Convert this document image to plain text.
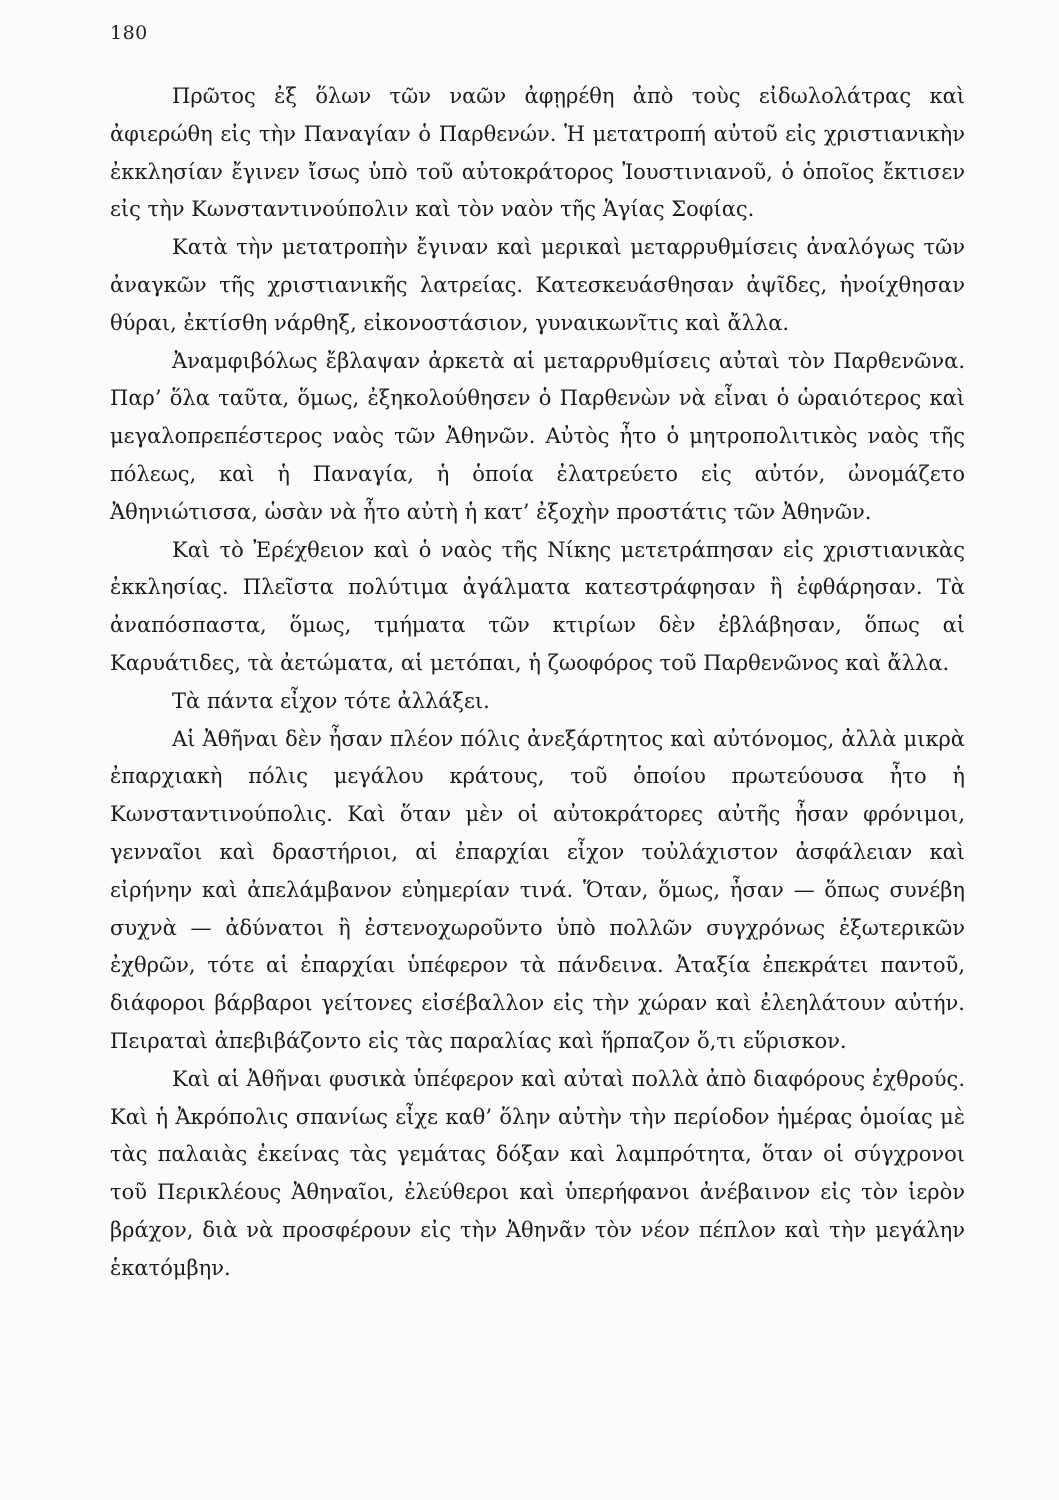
180

Πρῶτος ἐξ ὅλων τῶν ναῶν ἀφῃρέθη ἀπὸ τοὺς εἰδωλολάτρας καὶ ἀφιερώθη εἰς τὴν Παναγίαν ὁ Παρθενών. Ἡ μετατροπή αὐτοῦ εἰς χριστιανικὴν ἐκκλησίαν ἔγινεν ἴσως ὑπὸ τοῦ αὐτοκράτορος Ἰουστινιανοῦ, ὁ ὁποῖος ἔκτισεν εἰς τὴν Κωνσταντινούπολιν καὶ τὸν ναὸν τῆς Ἁγίας Σοφίας.

Κατὰ τὴν μετατροπὴν ἔγιναν καὶ μερικαὶ μεταρρυθμίσεις ἀναλόγως τῶν ἀναγκῶν τῆς χριστιανικῆς λατρείας. Κατεσκευάσθησαν ἀψῖδες, ἠνοίχθησαν θύραι, ἐκτίσθη νάρθηξ, εἰκονοστάσιον, γυναικωνῖτις καὶ ἄλλα.

Ἀναμφιβόλως ἔβλαψαν ἀρκετὰ αἱ μεταρρυθμίσεις αὐταὶ τὸν Παρθενῶνα. Παρ’ ὅλα ταῦτα, ὅμως, ἐξηκολούθησεν ὁ Παρθενὼν νὰ εἶναι ὁ ὡραιότερος καὶ μεγαλοπρεπέστερος ναὸς τῶν Ἀθηνῶν. Αὐτὸς ἦτο ὁ μητροπολιτικὸς ναὸς τῆς πόλεως, καὶ ἡ Παναγία, ἡ ὁποία ἐλατρεύετο εἰς αὐτόν, ὠνομάζετο Ἀθηνιώτισσα, ὡσὰν νὰ ἦτο αὐτὴ ἡ κατ’ ἐξοχὴν προστάτις τῶν Ἀθηνῶν.

Καὶ τὸ Ἐρέχθειον καὶ ὁ ναὸς τῆς Νίκης μετετράπησαν εἰς χριστιανικὰς ἐκκλησίας. Πλεῖστα πολύτιμα ἀγάλματα κατεστράφησαν ἢ ἐφθάρησαν. Τὰ ἀναπόσπαστα, ὅμως, τμήματα τῶν κτιρίων δὲν ἐβλάβησαν, ὅπως αἱ Καρυάτιδες, τὰ ἀετώματα, αἱ μετόπαι, ἡ ζωοφόρος τοῦ Παρθενῶνος καὶ ἄλλα.

Τὰ πάντα εἶχον τότε ἀλλάξει.

Αἱ Ἀθῆναι δὲν ἦσαν πλέον πόλις ἀνεξάρτητος καὶ αὐτόνομος, ἀλλὰ μικρὰ ἐπαρχιακὴ πόλις μεγάλου κράτους, τοῦ ὁποίου πρωτεύουσα ἦτο ἡ Κωνσταντινούπολις. Καὶ ὅταν μὲν οἱ αὐτοκράτορες αὐτῆς ἦσαν φρόνιμοι, γενναῖοι καὶ δραστήριοι, αἱ ἐπαρχίαι εἶχον τοὐλάχιστον ἀσφάλειαν καὶ εἰρήνην καὶ ἀπελάμβανον εὐημερίαν τινά. Ὅταν, ὅμως, ἦσαν — ὅπως συνέβη συχνὰ — ἀδύνατοι ἢ ἐστενοχωροῦντο ὑπὸ πολλῶν συγχρόνως ἐξωτερικῶν ἐχθρῶν, τότε αἱ ἐπαρχίαι ὑπέφερον τὰ πάνδεινα. Ἀταξία ἐπεκράτει παντοῦ, διάφοροι βάρβαροι γείτονες εἰσέβαλλον εἰς τὴν χώραν καὶ ἐλεηλάτουν αὐτήν. Πειραταὶ ἀπεβιβάζοντο εἰς τὰς παραλίας καὶ ἥρπαζον ὅ,τι εὕρισκον.

Καὶ αἱ Ἀθῆναι φυσικὰ ὑπέφερον καὶ αὐταὶ πολλὰ ἀπὸ διαφόρους ἐχθρούς. Καὶ ἡ Ἀκρόπολις σπανίως εἶχε καθ’ ὅλην αὐτὴν τὴν περίοδον ἡμέρας ὁμοίας μὲ τὰς παλαιὰς ἐκείνας τὰς γεμάτας δόξαν καὶ λαμπρότητα, ὅταν οἱ σύγχρονοι τοῦ Περικλέους Ἀθηναῖοι, ἐλεύθεροι καὶ ὑπερήφανοι ἀνέβαινον εἰς τὸν ἱερὸν βράχον, διὰ νὰ προσφέρουν εἰς τὴν Ἀθηνᾶν τὸν νέον πέπλον καὶ τὴν μεγάλην ἑκατόμβην.
